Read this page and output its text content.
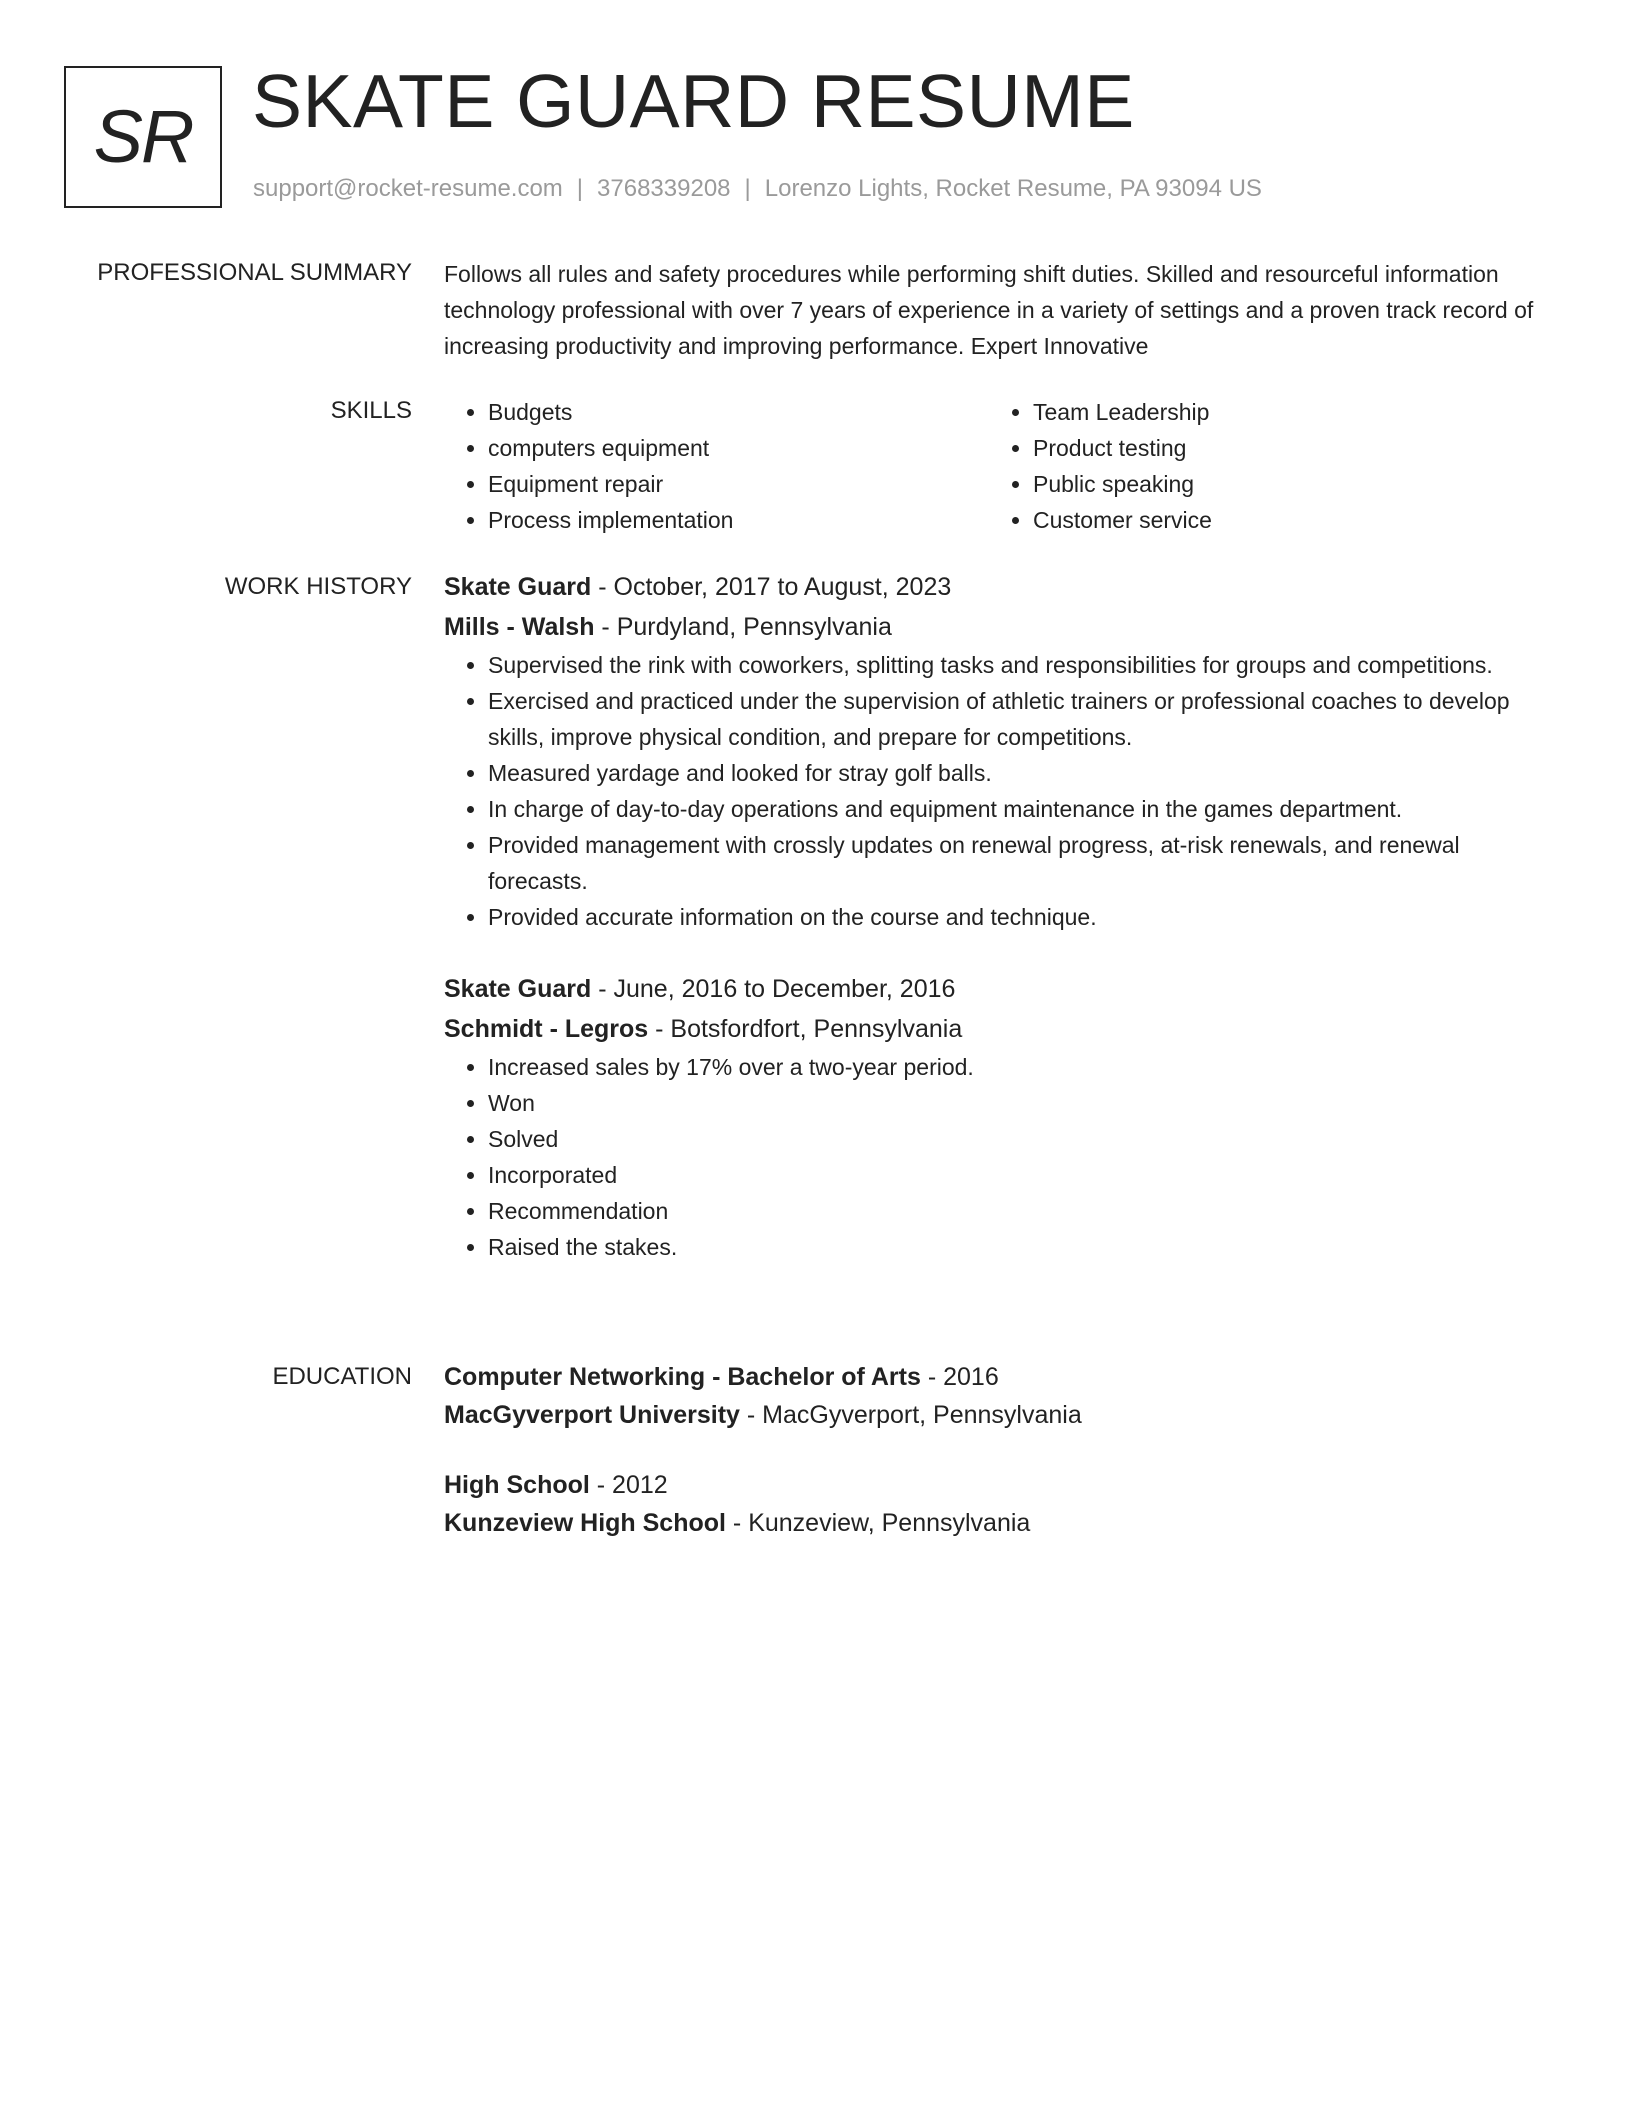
SR SKATE GUARD RESUME
support@rocket-resume.com | 3768339208 | Lorenzo Lights, Rocket Resume, PA 93094 US
PROFESSIONAL SUMMARY Follows all rules and safety procedures while performing shift duties. Skilled and resourceful information technology professional with over 7 years of experience in a variety of settings and a proven track record of increasing productivity and improving performance. Expert Innovative

SKILLS
•	Budgets
• computers equipment
• Equipment repair
• Process implementation
• Team Leadership
• Product testing
• Public speaking
• Customer service
WORK HISTORY Skate Guard - October, 2017 to August, 2023

Mills - Walsh - Purdyland, Pennsylvania

• Supervised the rink with coworkers, splitting tasks and responsibilities for groups and competitions.
• Exercised and practiced under the supervision of athletic trainers or professional coaches to develop skills, improve physical condition, and prepare for competitions.
• Measured yardage and looked for stray golf balls.
• In charge of day-to-day operations and equipment maintenance in the games department.
• Provided management with crossly updates on renewal progress, at-risk renewals, and renewal forecasts.
• Provided accurate information on the course and technique.

Skate Guard - June, 2016 to December, 2016

Schmidt - Legros - Botsfordfort, Pennsylvania

• Increased sales by 17% over a two-year period.
• Won
• Solved
• Incorporated
• Recommendation
• Raised the stakes.
EDUCATION Computer Networking - Bachelor of Arts - 2016

MacGyverport University - MacGyverport, Pennsylvania

High School - 2012

Kunzeview High School - Kunzeview, Pennsylvania
